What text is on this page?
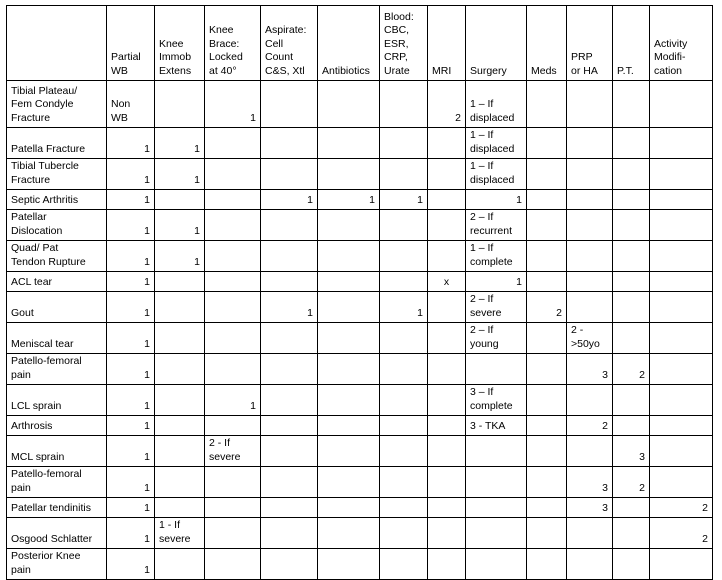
	Partial
WB	Knee
Immob
Extens	Knee
Brace:
Locked
at 40°	Aspirate:
Cell
Count
C&S, Xtl	Antibiotics	Blood:
CBC,
ESR,
CRP,
Urate	MRI	Surgery	Meds	PRP
or HA	P.T.	Activity
Modifi-
cation
Tibial Plateau/
Fem Condyle
Fracture	Non
WB		1				2	1 – If
displaced				
Patella Fracture	1	1						1 – If
displaced				
Tibial Tubercle
Fracture	1	1						1 – If
displaced				
Septic Arthritis	1			1	1	1		1				
Patellar
Dislocation	1	1						2 – If
recurrent				
Quad/ Pat
Tendon Rupture	1	1						1 – If
complete				
ACL tear	1						x	1				
Gout	1			1		1		2 – If
severe	2			
Meniscal tear	1							2 – If
young		2 -
>50yo		
Patello-femoral
pain	1									3	2	
LCL sprain	1		1					3 – If
complete				
Arthrosis	1							3 - TKA		2		
MCL sprain	1		2 - If
severe								3	
Patello-femoral
pain	1									3	2	
Patellar tendinitis	1									3		2
Osgood Schlatter	1	1 - If
severe										2
Posterior Knee
pain	1											
